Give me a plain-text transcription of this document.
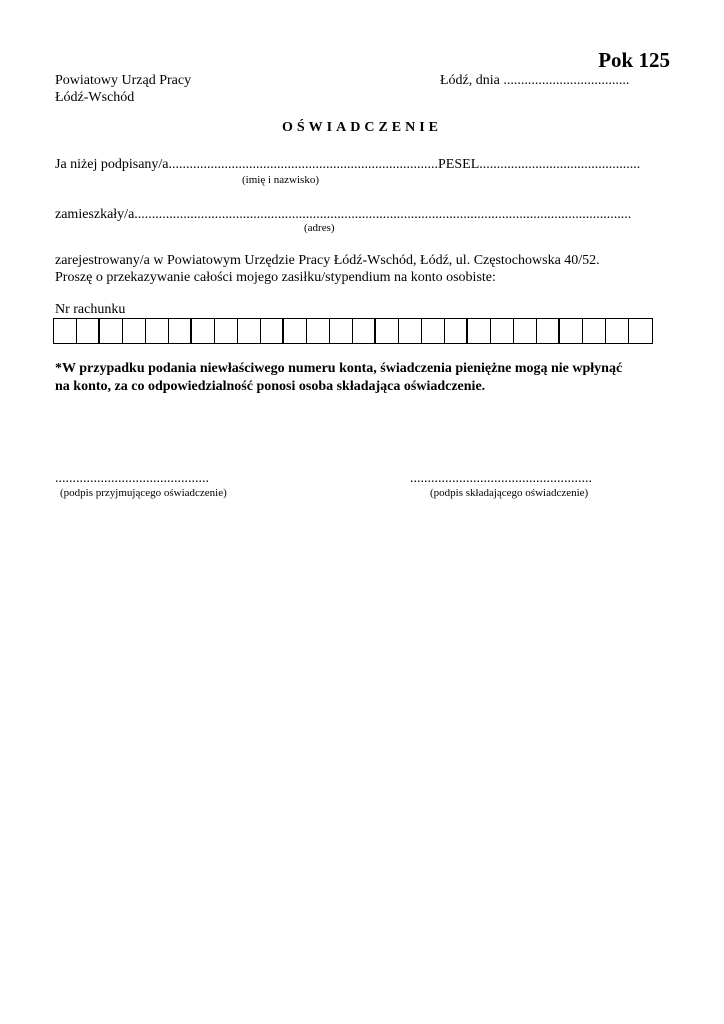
Pok 125
Powiatowy Urząd Pracy
Łódź-Wschód
Łódź, dnia ....................................
OŚWIADCZENIE
Ja niżej podpisany/a.............................................................................PESEL..............................................
(imię i nazwisko)
zamieszkały/a..............................................................................................................................................
(adres)
zarejestrowany/a w Powiatowym Urzędzie Pracy Łódź-Wschód, Łódź, ul. Częstochowska 40/52.
Proszę o przekazywanie całości mojego zasiłku/stypendium na konto osobiste:
Nr rachunku
*W przypadku podania niewłaściwego numeru konta, świadczenia pieniężne mogą nie wpłynąć
na konto, za co odpowiedzialność ponosi osoba składająca oświadczenie.
............................................
(podpis przyjmującego oświadczenie)
....................................................
(podpis składającego oświadczenie)
